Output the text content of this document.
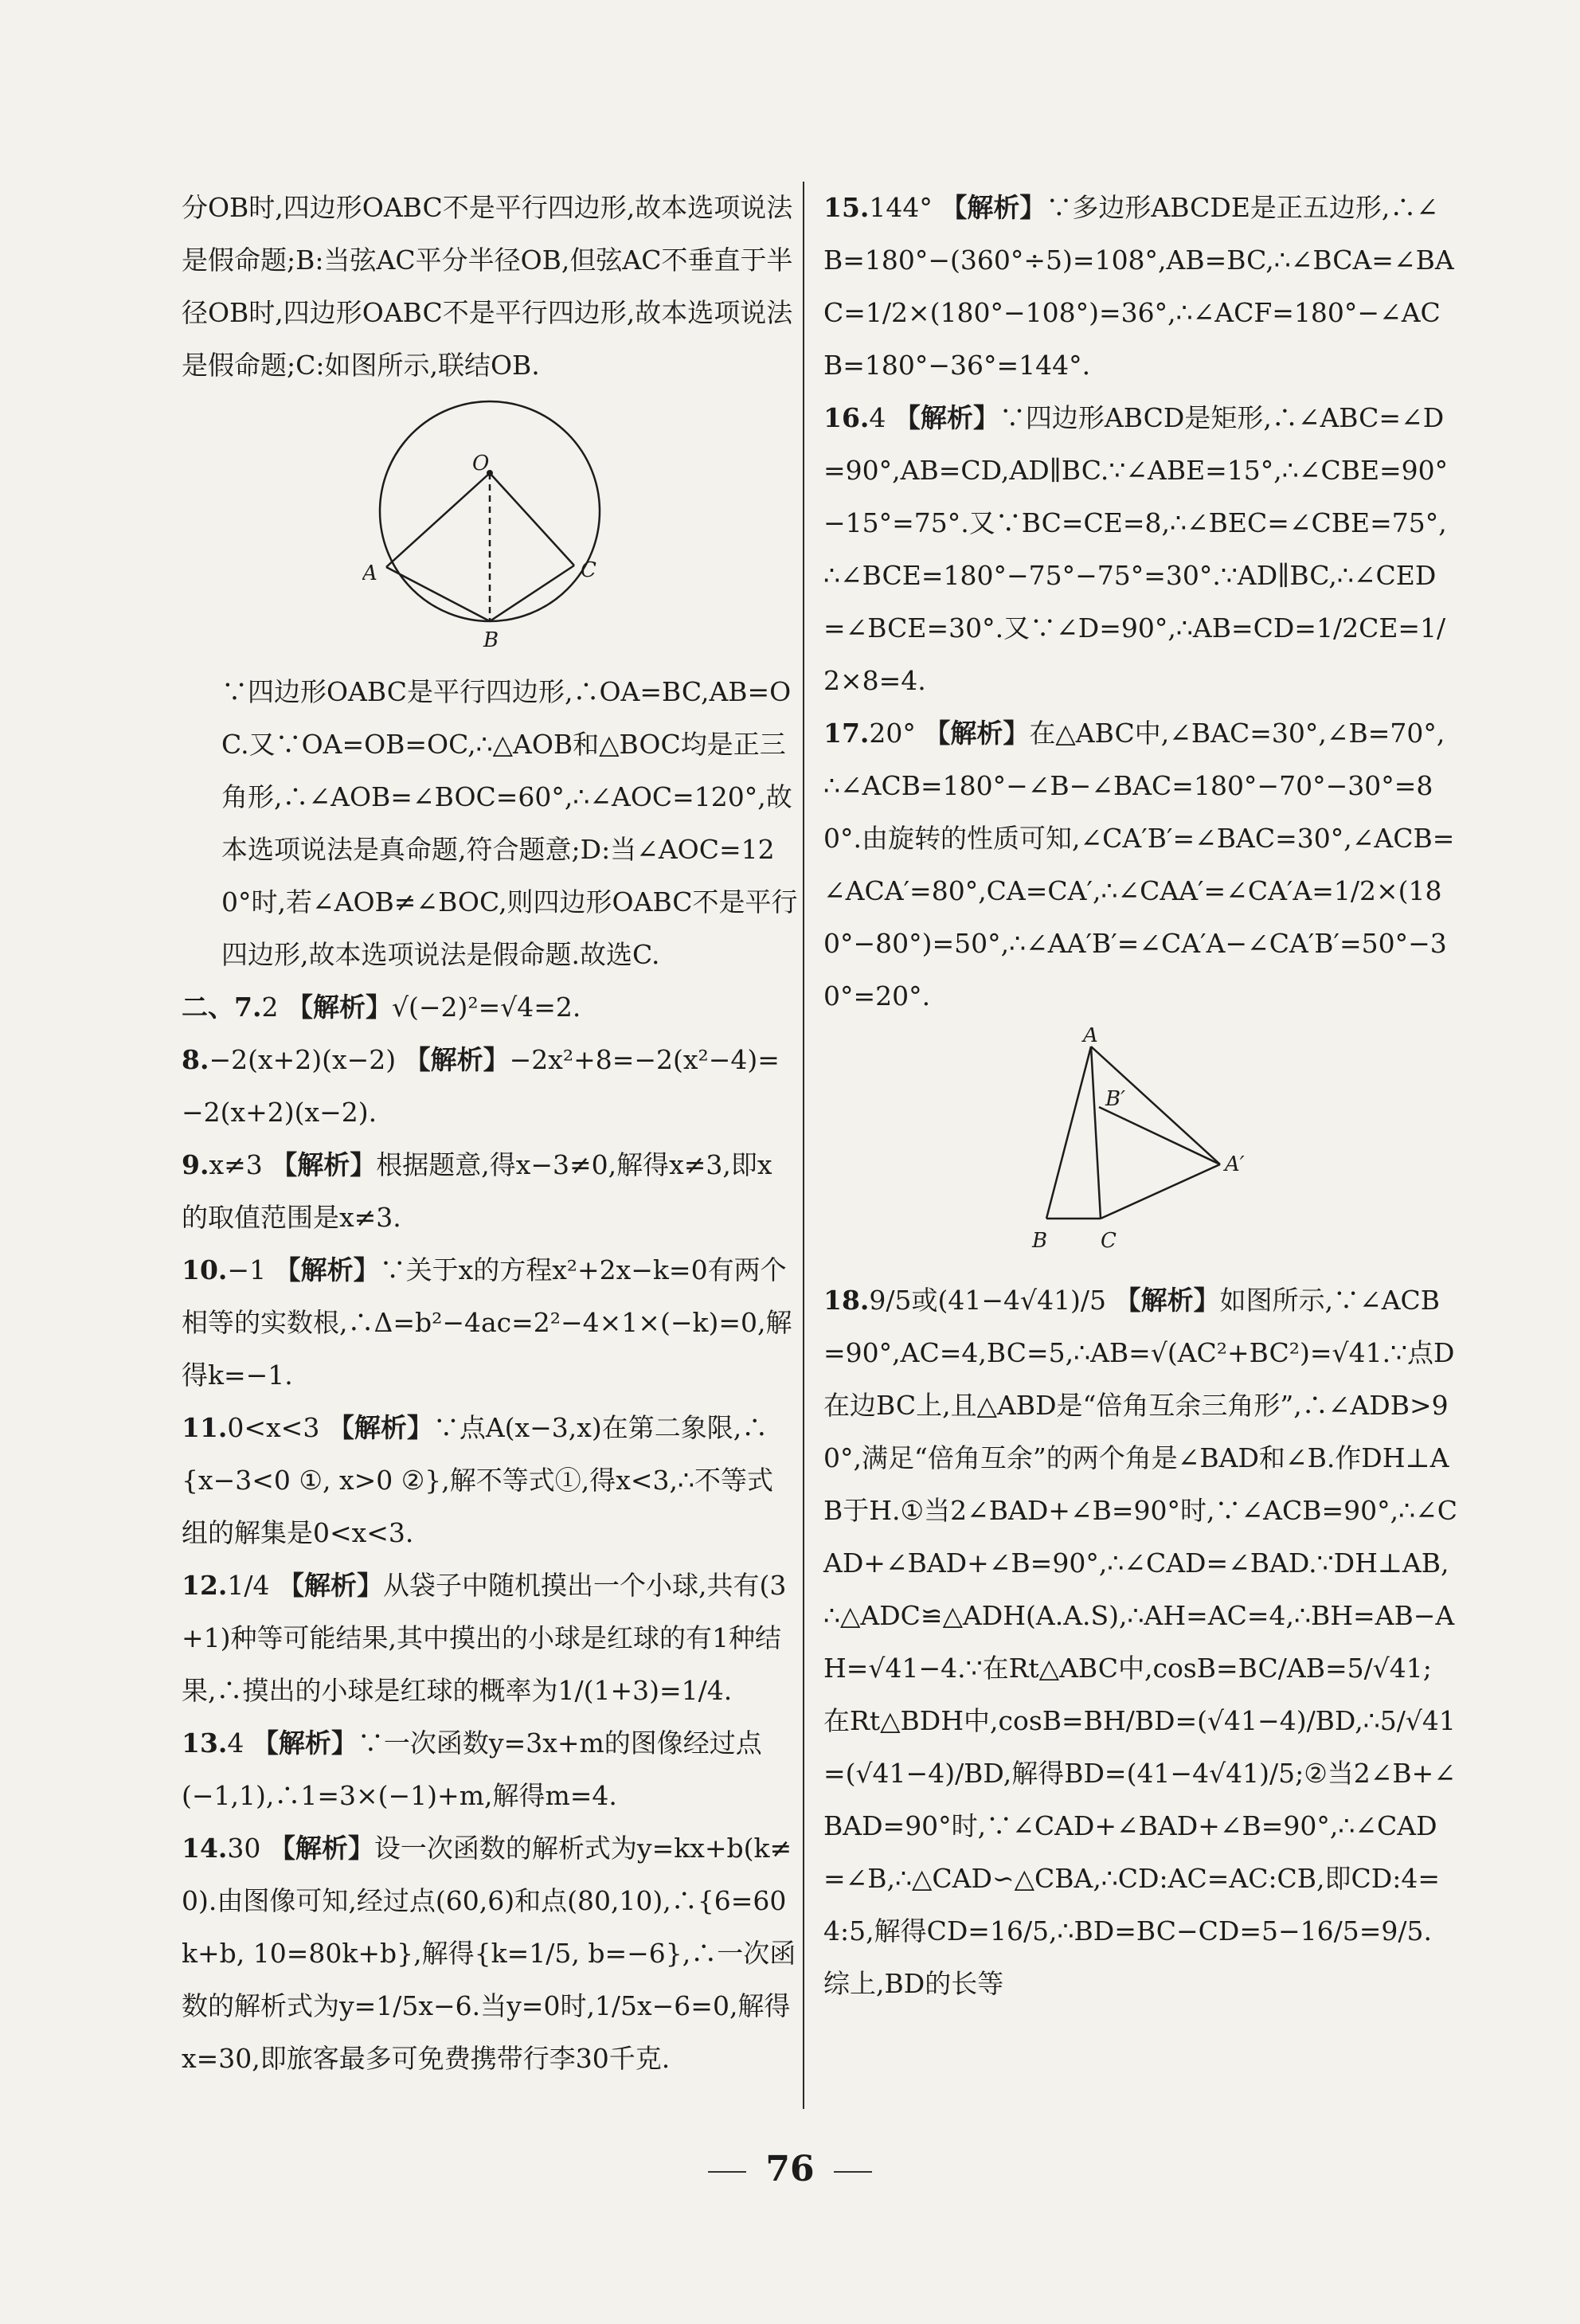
分OB时,四边形OABC不是平行四边形,故本选项说法是假命题;B:当弦AC平分半径OB,但弦AC不垂直于半径OB时,四边形OABC不是平行四边形,故本选项说法是假命题;C:如图所示,联结OB.

O
A	C
B

∵四边形OABC是平行四边形,∴OA=BC,AB=OC.又∵OA=OB=OC,∴△AOB和△BOC均是正三角形,∴∠AOB=∠BOC=60°,∴∠AOC=120°,故本选项说法是真命题,符合题意;D:当∠AOC=120°时,若∠AOB≠∠BOC,则四边形OABC不是平行四边形,故本选项说法是假命题.故选C.

二、7.2 【解析】√(−2)²=√4=2.

8.−2(x+2)(x−2) 【解析】−2x²+8=−2(x²−4)=−2(x+2)(x−2).

9.x≠3 【解析】根据题意,得x−3≠0,解得x≠3,即x的取值范围是x≠3.

10.−1 【解析】∵关于x的方程x²+2x−k=0有两个相等的实数根,∴Δ=b²−4ac=2²−4×1×(−k)=0,解得k=−1.

11.0<x<3 【解析】∵点A(x−3,x)在第二象限,∴{x−3<0 ①, x>0 ②},解不等式①,得x<3,∴不等式组的解集是0<x<3.

12.1/4 【解析】从袋子中随机摸出一个小球,共有(3+1)种等可能结果,其中摸出的小球是红球的有1种结果,∴摸出的小球是红球的概率为1/(1+3)=1/4.

13.4 【解析】∵一次函数y=3x+m的图像经过点(−1,1),∴1=3×(−1)+m,解得m=4.

14.30 【解析】设一次函数的解析式为y=kx+b(k≠0).由图像可知,经过点(60,6)和点(80,10),∴{6=60k+b, 10=80k+b},解得{k=1/5, b=−6},∴一次函数的解析式为y=1/5x−6.当y=0时,1/5x−6=0,解得x=30,即旅客最多可免费携带行李30千克.

15.144° 【解析】∵多边形ABCDE是正五边形,∴∠B=180°−(360°÷5)=108°,AB=BC,∴∠BCA=∠BAC=1/2×(180°−108°)=36°,∴∠ACF=180°−∠ACB=180°−36°=144°.

16.4 【解析】∵四边形ABCD是矩形,∴∠ABC=∠D=90°,AB=CD,AD∥BC.∵∠ABE=15°,∴∠CBE=90°−15°=75°.又∵BC=CE=8,∴∠BEC=∠CBE=75°,∴∠BCE=180°−75°−75°=30°.∵AD∥BC,∴∠CED=∠BCE=30°.又∵∠D=90°,∴AB=CD=1/2CE=1/2×8=4.

17.20° 【解析】在△ABC中,∠BAC=30°,∠B=70°,∴∠ACB=180°−∠B−∠BAC=180°−70°−30°=80°.由旋转的性质可知,∠CA′B′=∠BAC=30°,∠ACB=∠ACA′=80°,CA=CA′,∴∠CAA′=∠CA′A=1/2×(180°−80°)=50°,∴∠AA′B′=∠CA′A−∠CA′B′=50°−30°=20°.

A
B′
A′
B	C

18.9/5或(41−4√41)/5 【解析】如图所示,∵∠ACB=90°,AC=4,BC=5,∴AB=√(AC²+BC²)=√41.∵点D在边BC上,且△ABD是“倍角互余三角形”,∴∠ADB>90°,满足“倍角互余”的两个角是∠BAD和∠B.作DH⊥AB于H.①当2∠BAD+∠B=90°时,∵∠ACB=90°,∴∠CAD+∠BAD+∠B=90°,∴∠CAD=∠BAD.∵DH⊥AB,∴△ADC≌△ADH(A.A.S),∴AH=AC=4,∴BH=AB−AH=√41−4.∵在Rt△ABC中,cosB=BC/AB=5/√41;在Rt△BDH中,cosB=BH/BD=(√41−4)/BD,∴5/√41=(√41−4)/BD,解得BD=(41−4√41)/5;②当2∠B+∠BAD=90°时,∵∠CAD+∠BAD+∠B=90°,∴∠CAD=∠B,∴△CAD∽△CBA,∴CD:AC=AC:CB,即CD:4=4:5,解得CD=16/5,∴BD=BC−CD=5−16/5=9/5.综上,BD的长等

76
